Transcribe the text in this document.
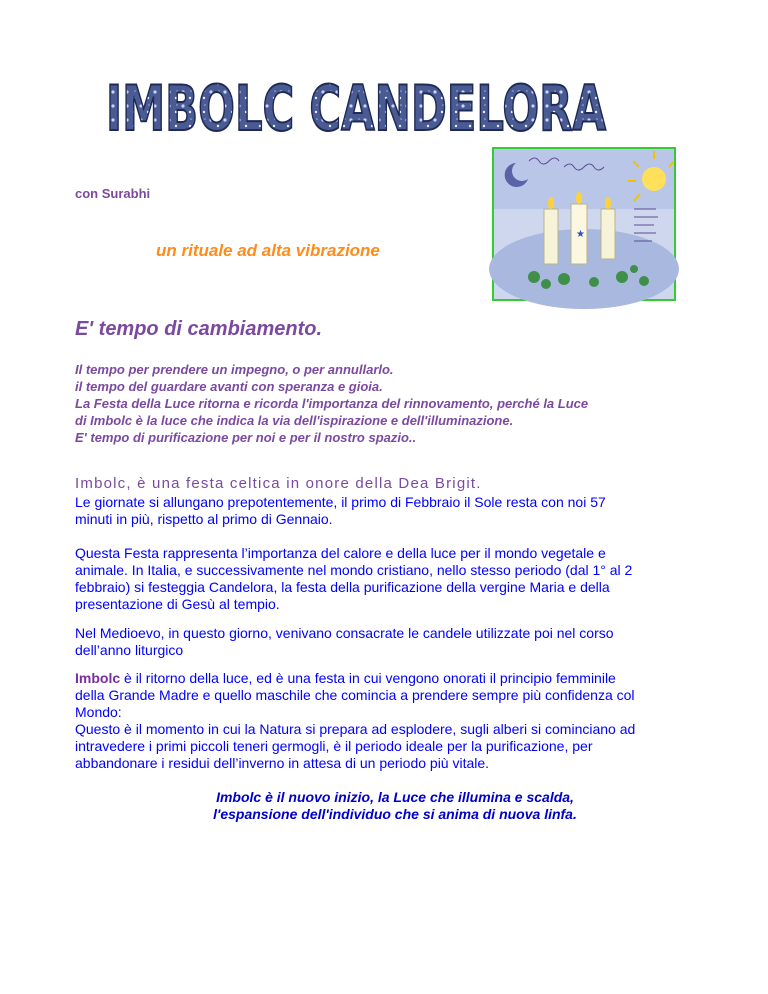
IMBOLC CANDELORA
★
con Surabhi
un rituale ad alta vibrazione
E' tempo di cambiamento.
Il tempo per prendere un impegno, o per annullarlo.
il tempo del guardare avanti con speranza e gioia.
La Festa della Luce ritorna e ricorda l'importanza del rinnovamento, perché la Luce
di Imbolc è la luce che indica la via dell'ispirazione e dell'illuminazione.
E' tempo di purificazione per noi e per il nostro spazio..
Imbolc, è una festa celtica in onore della Dea Brigit.
Le giornate si allungano prepotentemente, il primo di Febbraio il Sole resta con noi 57
minuti in più, rispetto al primo di Gennaio.
Questa Festa rappresenta l’importanza del calore e della luce per il mondo vegetale e
animale. In Italia, e successivamente nel mondo cristiano, nello stesso periodo (dal 1° al 2
febbraio) si festeggia Candelora, la festa della purificazione della vergine Maria e della
presentazione di Gesù al tempio.
Nel Medioevo, in questo giorno, venivano consacrate le candele utilizzate poi nel corso
dell’anno liturgico
Imbolc è il ritorno della luce, ed è una festa in cui vengono onorati il principio femminile
della Grande Madre e quello maschile che comincia a prendere sempre più confidenza col
Mondo:
Questo è il momento in cui la Natura si prepara ad esplodere, sugli alberi si cominciano ad
intravedere i primi piccoli teneri germogli, è il periodo ideale per la purificazione, per
abbandonare i residui dell’inverno in attesa di un periodo più vitale.
Imbolc è il nuovo inizio, la Luce che illumina e scalda,
l'espansione dell'individuo che si anima di nuova linfa.
